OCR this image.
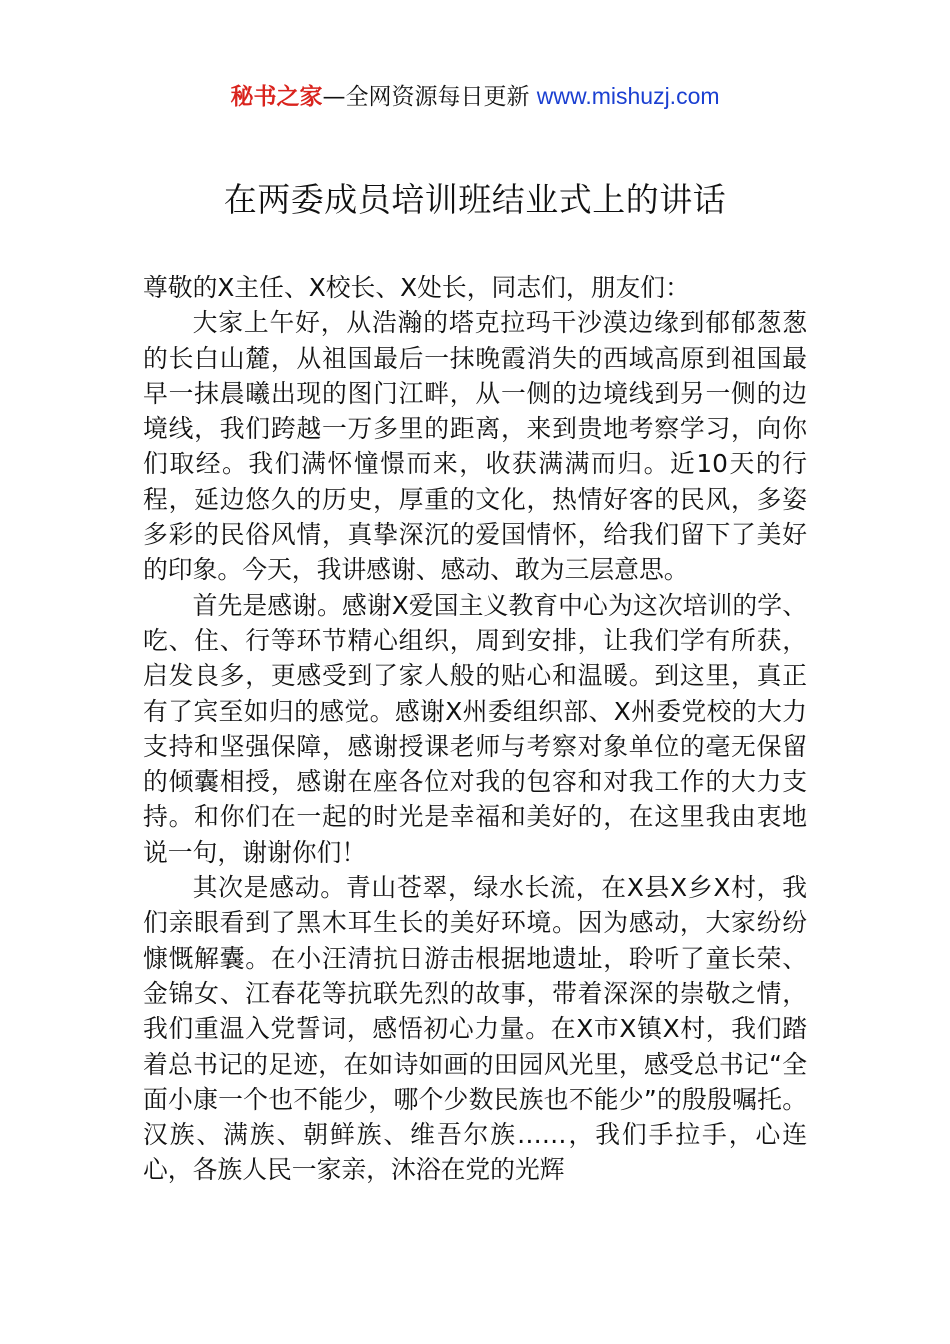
秘书之家—全网资源每日更新 www.mishuzj.com
在两委成员培训班结业式上的讲话

尊敬的X主任、X校长、X处长，同志们，朋友们：

大家上午好，从浩瀚的塔克拉玛干沙漠边缘到郁郁葱葱的长白山麓，从祖国最后一抹晚霞消失的西域高原到祖国最早一抹晨曦出现的图门江畔，从一侧的边境线到另一侧的边境线，我们跨越一万多里的距离，来到贵地考察学习，向你们取经。我们满怀憧憬而来，收获满满而归。近10天的行程，延边悠久的历史，厚重的文化，热情好客的民风，多姿多彩的民俗风情，真挚深沉的爱国情怀，给我们留下了美好的印象。今天，我讲感谢、感动、敢为三层意思。

首先是感谢。感谢X爱国主义教育中心为这次培训的学、吃、住、行等环节精心组织，周到安排，让我们学有所获，启发良多，更感受到了家人般的贴心和温暖。到这里，真正有了宾至如归的感觉。感谢X州委组织部、X州委党校的大力支持和坚强保障，感谢授课老师与考察对象单位的毫无保留的倾囊相授，感谢在座各位对我的包容和对我工作的大力支持。和你们在一起的时光是幸福和美好的，在这里我由衷地说一句，谢谢你们！

其次是感动。青山苍翠，绿水长流，在X县X乡X村，我们亲眼看到了黑木耳生长的美好环境。因为感动，大家纷纷慷慨解囊。在小汪清抗日游击根据地遗址，聆听了童长荣、金锦女、江春花等抗联先烈的故事，带着深深的崇敬之情，我们重温入党誓词，感悟初心力量。在X市X镇X村，我们踏着总书记的足迹，在如诗如画的田园风光里，感受总书记“全面小康一个也不能少，哪个少数民族也不能少”的殷殷嘱托。汉族、满族、朝鲜族、维吾尔族……，我们手拉手，心连心，各族人民一家亲，沐浴在党的光辉
